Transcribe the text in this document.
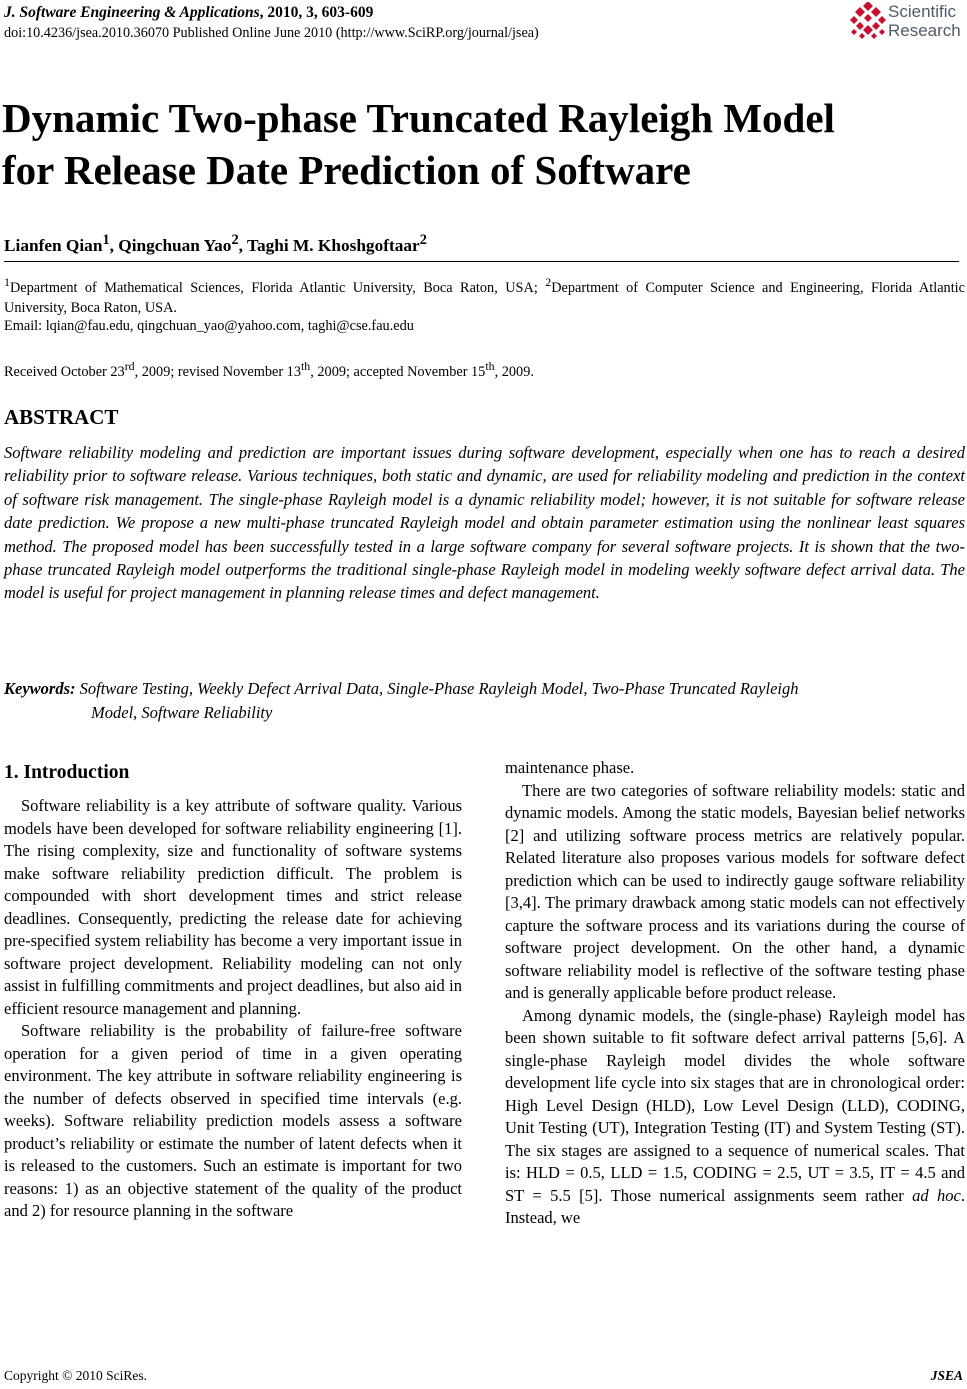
J. Software Engineering & Applications, 2010, 3, 603-609
doi:10.4236/jsea.2010.36070 Published Online June 2010 (http://www.SciRP.org/journal/jsea)
Scientific
Research
Dynamic Two-phase Truncated Rayleigh Model
for Release Date Prediction of Software
Lianfen Qian$^1$, Qingchuan Yao$^2$, Taghi M. Khoshgoftaar$^2$
$^1$Department of Mathematical Sciences, Florida Atlantic University, Boca Raton, USA; $^2$Department of Computer Science and Engineering, Florida Atlantic University, Boca Raton, USA.
Email: lqian@fau.edu, qingchuan_yao@yahoo.com, taghi@cse.fau.edu
Received October 23rd, 2009; revised November 13th, 2009; accepted November 15th, 2009.
ABSTRACT

Software reliability modeling and prediction are important issues during software development, especially when one has to reach a desired reliability prior to software release. Various techniques, both static and dynamic, are used for reliability modeling and prediction in the context of software risk management. The single-phase Rayleigh model is a dynamic reliability model; however, it is not suitable for software release date prediction. We propose a new multi-phase truncated Rayleigh model and obtain parameter estimation using the nonlinear least squares method. The proposed model has been successfully tested in a large software company for several software projects. It is shown that the two-phase truncated Rayleigh model outperforms the traditional single-phase Rayleigh model in modeling weekly software defect arrival data. The model is useful for project management in planning release times and defect management.

Keywords: Software Testing, Weekly Defect Arrival Data, Single-Phase Rayleigh Model, Two-Phase Truncated Rayleigh
Model, Software Reliability
1. Introduction

Software reliability is a key attribute of software quality. Various models have been developed for software reliability engineering [1]. The rising complexity, size and functionality of software systems make software reliability prediction difficult. The problem is compounded with short development times and strict release deadlines. Consequently, predicting the release date for achieving pre-specified system reliability has become a very important issue in software project development. Reliability modeling can not only assist in fulfilling commitments and project deadlines, but also aid in efficient resource management and planning.

Software reliability is the probability of failure-free software operation for a given period of time in a given operating environment. The key attribute in software reliability engineering is the number of defects observed in specified time intervals (e.g. weeks). Software reliability prediction models assess a software product’s reliability or estimate the number of latent defects when it is released to the customers. Such an estimate is important for two reasons: 1) as an objective statement of the quality of the product and 2) for resource planning in the software

maintenance phase.

There are two categories of software reliability models: static and dynamic models. Among the static models, Bayesian belief networks [2] and utilizing software process metrics are relatively popular. Related literature also proposes various models for software defect prediction which can be used to indirectly gauge software reliability [3,4]. The primary drawback among static models can not effectively capture the software process and its variations during the course of software project development. On the other hand, a dynamic software reliability model is reflective of the software testing phase and is generally applicable before product release.

Among dynamic models, the (single-phase) Rayleigh model has been shown suitable to fit software defect arrival patterns [5,6]. A single-phase Rayleigh model divides the whole software development life cycle into six stages that are in chronological order: High Level Design (HLD), Low Level Design (LLD), CODING, Unit Testing (UT), Integration Testing (IT) and System Testing (ST). The six stages are assigned to a sequence of numerical scales. That is: HLD = 0.5, LLD = 1.5, CODING = 2.5, UT = 3.5, IT = 4.5 and ST = 5.5 [5]. Those numerical assignments seem rather ad hoc. Instead, we

Copyright © 2010 SciRes.	JSEA
